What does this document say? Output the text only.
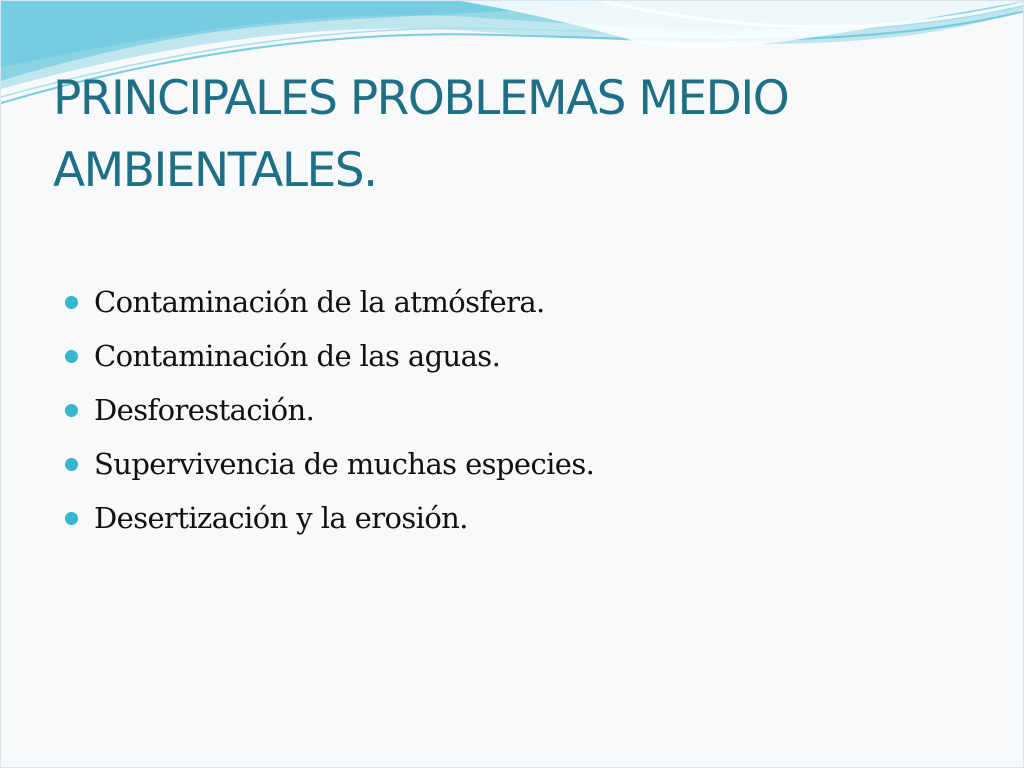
PRINCIPALES PROBLEMAS MEDIO
AMBIENTALES.
Contaminación de la atmósfera.
Contaminación de las aguas.
Desforestación.
Supervivencia de muchas especies.
Desertización y la erosión.
